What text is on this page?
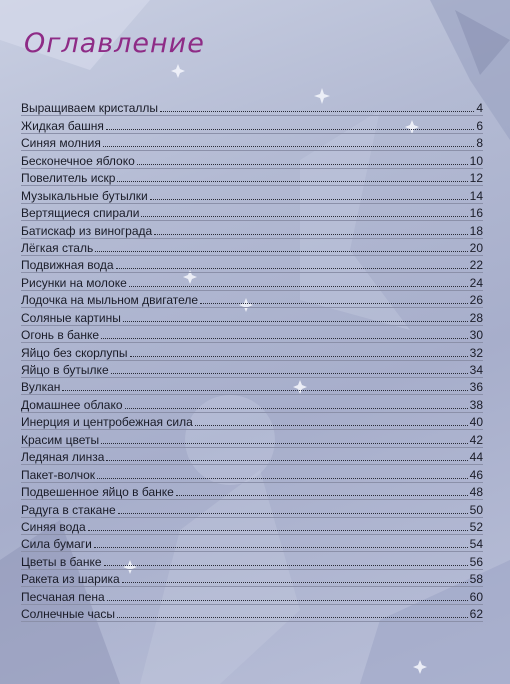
Оглавление
Выращиваем кристаллы	4
Жидкая башня	6
Синяя молния	8
Бесконечное яблоко	10
Повелитель искр	12
Музыкальные бутылки	14
Вертящиеся спирали	16
Батискаф из винограда	18
Лёгкая сталь	20
Подвижная вода	22
Рисунки на молоке	24
Лодочка на мыльном двигателе	26
Соляные картины	28
Огонь в банке	30
Яйцо без скорлупы	32
Яйцо в бутылке	34
Вулкан	36
Домашнее облако	38
Инерция и центробежная сила	40
Красим цветы	42
Ледяная линза	44
Пакет-волчок	46
Подвешенное яйцо в банке	48
Радуга в стакане	50
Синяя вода	52
Сила бумаги	54
Цветы в банке	56
Ракета из шарика	58
Песчаная пена	60
Солнечные часы	62
